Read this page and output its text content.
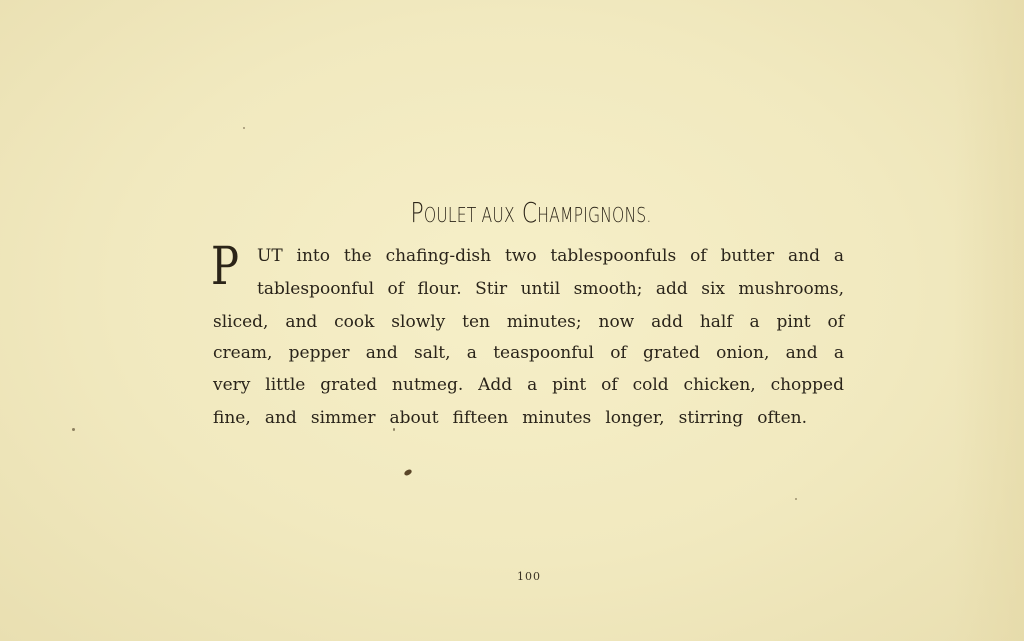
POULET AUX CHAMPIGNONS.
P UT into the chafing-dish two tablespoonfuls of butter and a
tablespoonful of flour. Stir until smooth; add six mushrooms,
sliced, and cook slowly ten minutes; now add half a pint of
cream, pepper and salt, a teaspoonful of grated onion, and a
very little grated nutmeg. Add a pint of cold chicken, chopped
fine, and simmer about fifteen minutes longer, stirring often.
100
